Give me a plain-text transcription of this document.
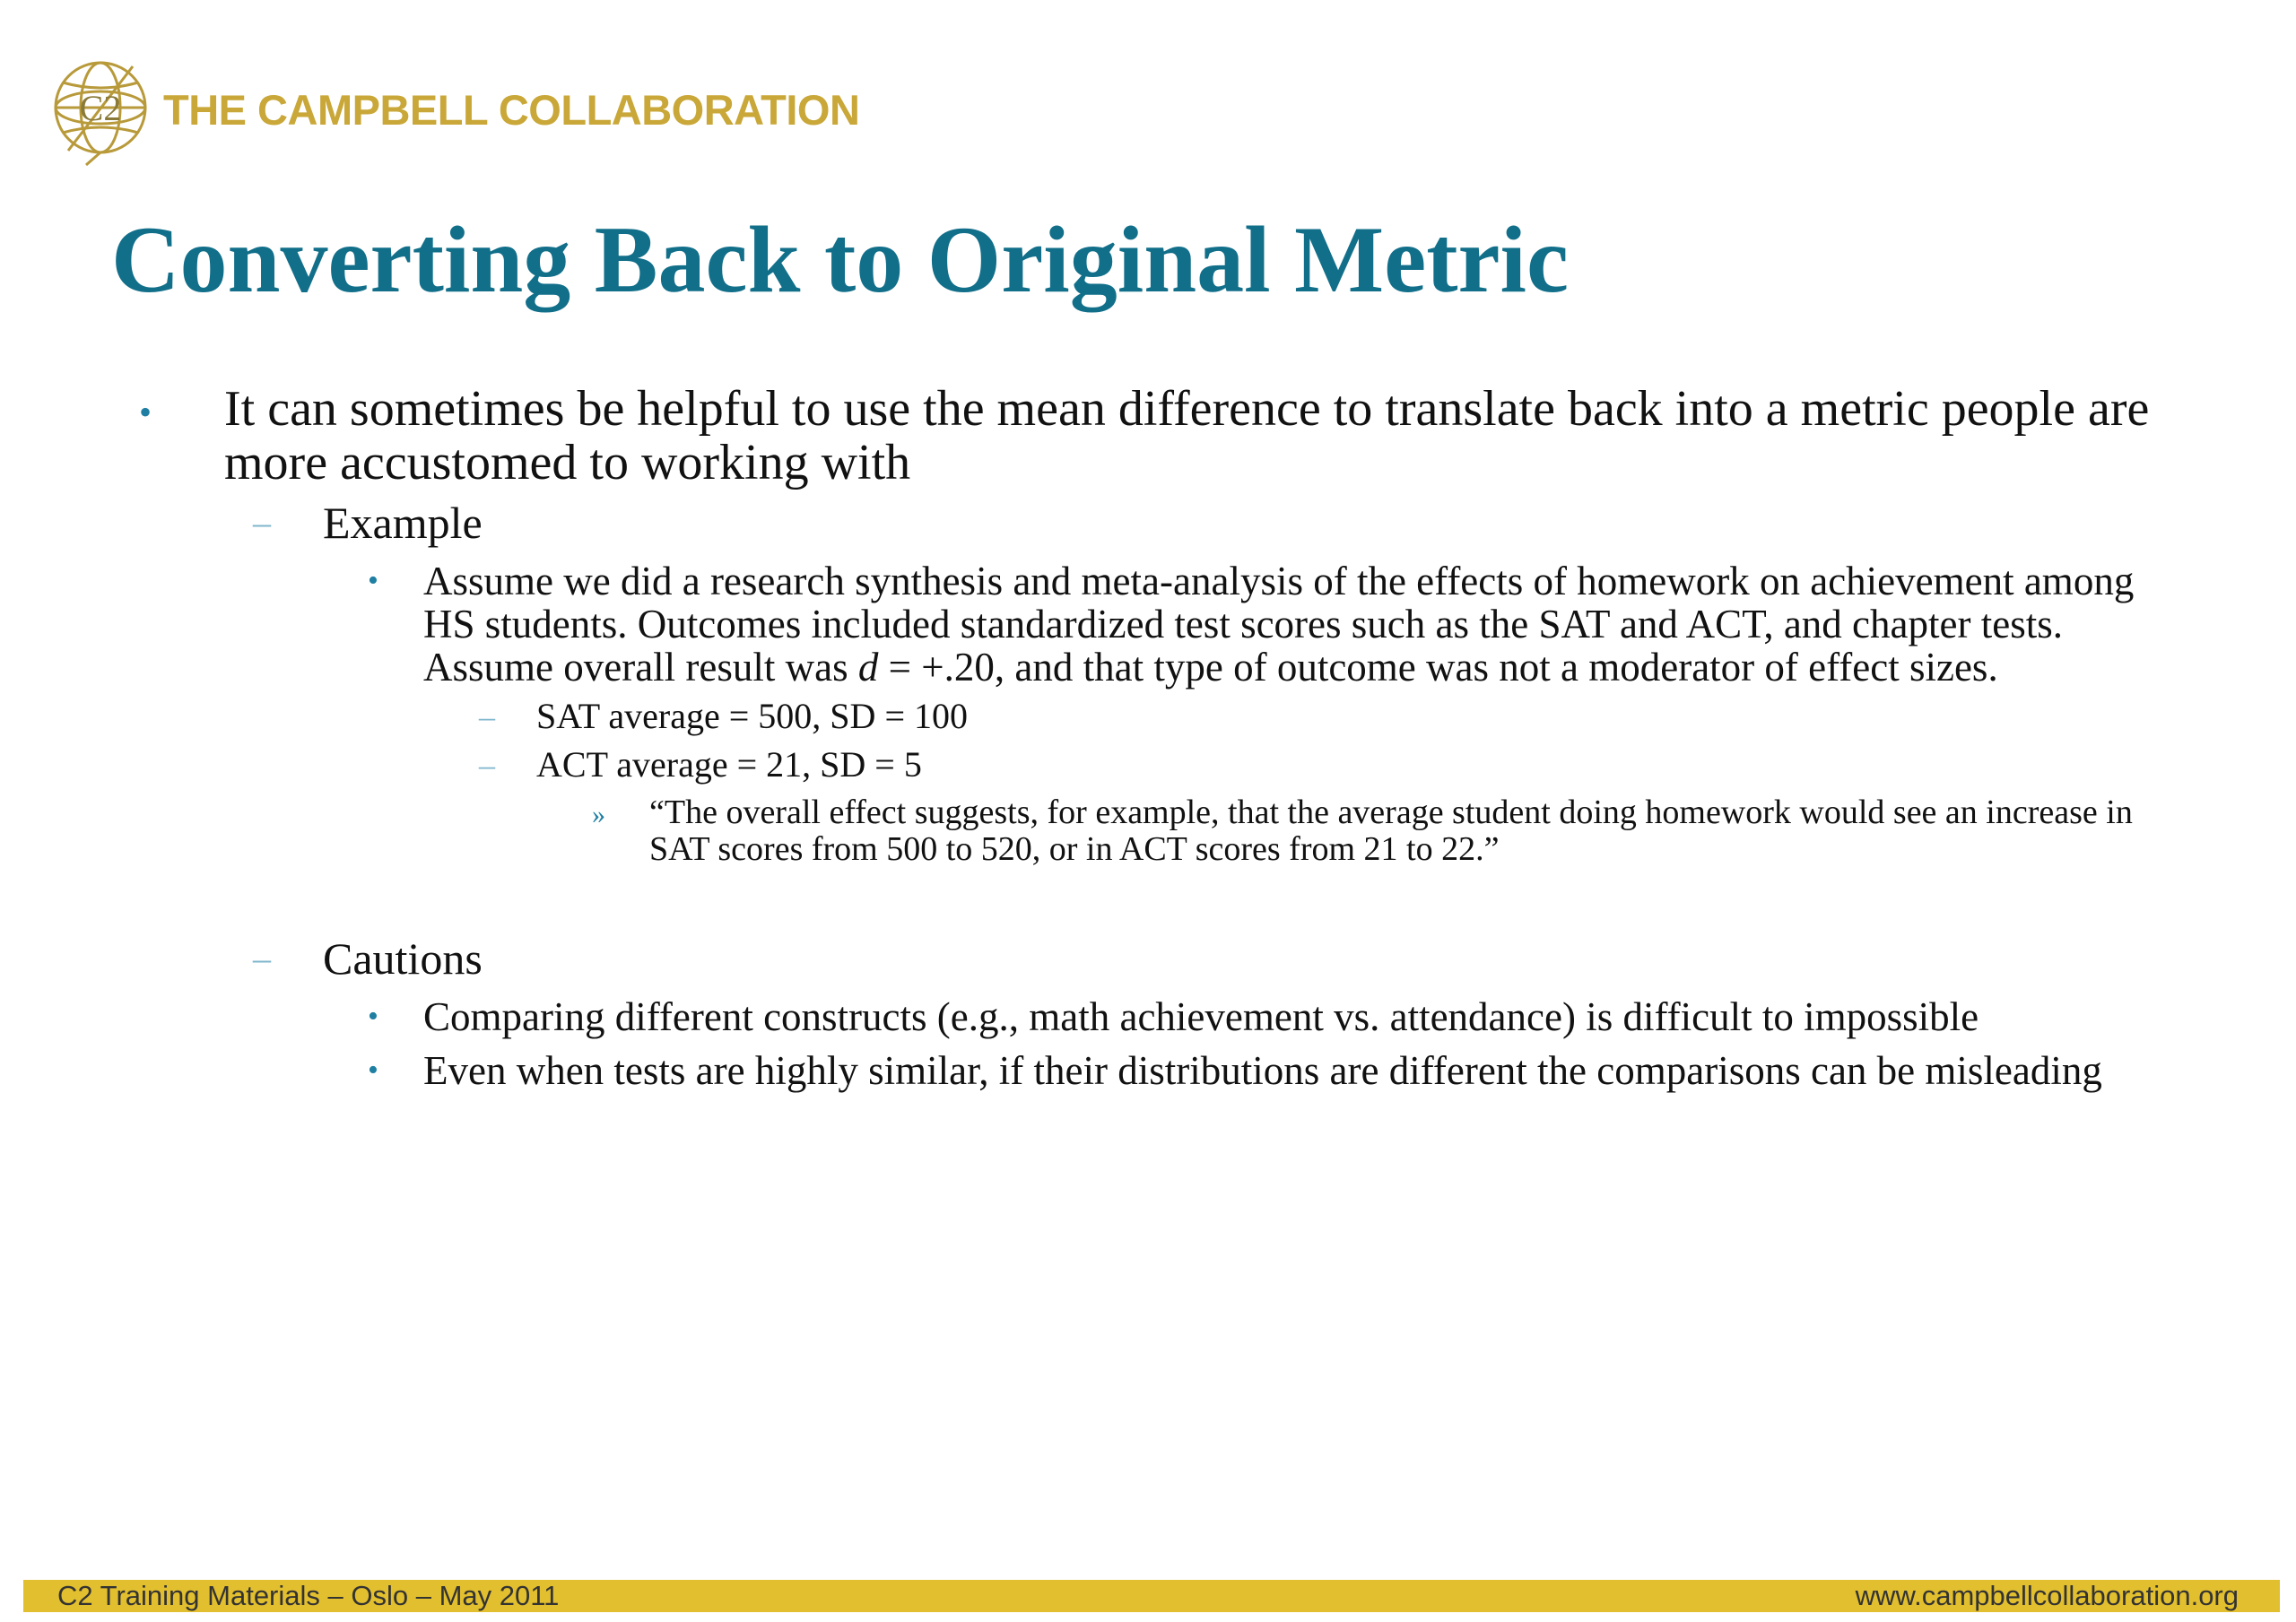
C2 THE CAMPBELL COLLABORATION
Converting Back to Original Metric
• It can sometimes be helpful to use the mean difference to translate back into a metric people are more accustomed to working with
– Example
• Assume we did a research synthesis and meta-analysis of the effects of homework on achievement among HS students. Outcomes included standardized test scores such as the SAT and ACT, and chapter tests. Assume overall result was d = +.20, and that type of outcome was not a moderator of effect sizes.
– SAT average = 500, SD = 100
– ACT average = 21, SD = 5
» “The overall effect suggests, for example, that the average student doing homework would see an increase in SAT scores from 500 to 520, or in ACT scores from 21 to 22.”
– Cautions
• Comparing different constructs (e.g., math achievement vs. attendance) is difficult to impossible
• Even when tests are highly similar, if their distributions are different the comparisons can be misleading
C2 Training Materials – Oslo – May 2011	www.campbellcollaboration.org
